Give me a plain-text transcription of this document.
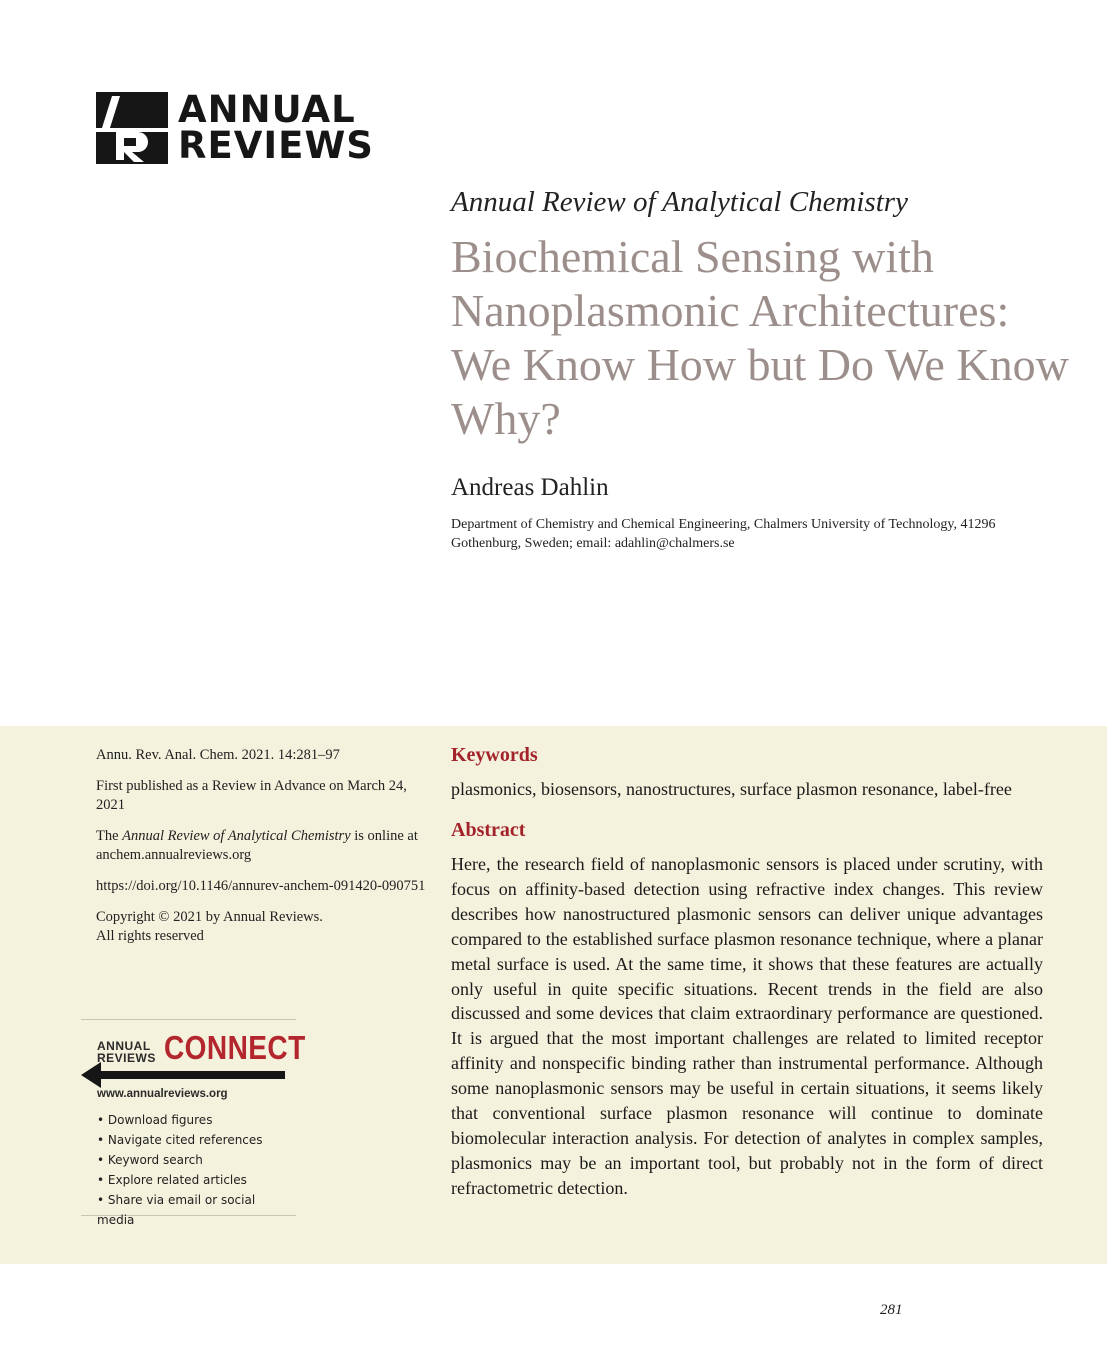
ANNUAL
REVIEWS
Annual Review of Analytical Chemistry
Biochemical Sensing with Nanoplasmonic Architectures: We Know How but Do We Know Why?
Andreas Dahlin
Department of Chemistry and Chemical Engineering, Chalmers University of Technology, 41296 Gothenburg, Sweden; email: adahlin@chalmers.se

Annu. Rev. Anal. Chem. 2021. 14:281–97

First published as a Review in Advance on March 24, 2021

The Annual Review of Analytical Chemistry is online at anchem.annualreviews.org

https://doi.org/10.1146/annurev-anchem-091420-090751

Copyright © 2021 by Annual Reviews.
All rights reserved

ANNUAL
REVIEWS CONNECT
www.annualreviews.org
• Download figures
• Navigate cited references
• Keyword search
• Explore related articles
• Share via email or social media
Keywords

plasmonics, biosensors, nanostructures, surface plasmon resonance, label-free

Abstract

Here, the research field of nanoplasmonic sensors is placed under scrutiny, with focus on affinity-based detection using refractive index changes. This review describes how nanostructured plasmonic sensors can deliver unique advantages compared to the established surface plasmon resonance technique, where a planar metal surface is used. At the same time, it shows that these features are actually only useful in quite specific situations. Recent trends in the field are also discussed and some devices that claim extraordinary performance are questioned. It is argued that the most important challenges are related to limited receptor affinity and nonspecific binding rather than instrumental performance. Although some nanoplasmonic sensors may be useful in certain situations, it seems likely that conventional surface plasmon resonance will continue to dominate biomolecular interaction analysis. For detection of analytes in complex samples, plasmonics may be an important tool, but probably not in the form of direct refractometric detection.

281
